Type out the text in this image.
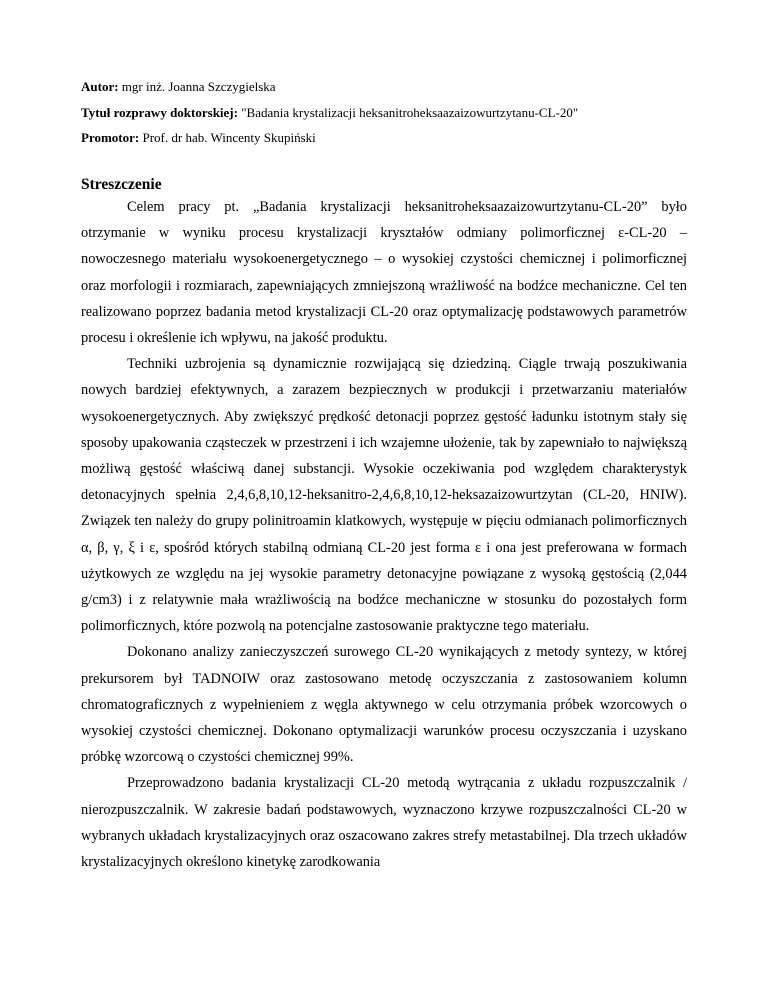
Autor: mgr inż. Joanna Szczygielska
Tytuł rozprawy doktorskiej: "Badania krystalizacji heksanitroheksaazaizowurtzytanu-CL-20"
Promotor: Prof. dr hab. Wincenty Skupiński
Streszczenie

Celem pracy pt. „Badania krystalizacji heksanitroheksaazaizowurtzytanu-CL-20” było otrzymanie w wyniku procesu krystalizacji kryształów odmiany polimorficznej ε-CL-20 – nowoczesnego materiału wysokoenergetycznego – o wysokiej czystości chemicznej i polimorficznej oraz morfologii i rozmiarach, zapewniających zmniejszoną wrażliwość na bodźce mechaniczne. Cel ten realizowano poprzez badania metod krystalizacji CL-20 oraz optymalizację podstawowych parametrów procesu i określenie ich wpływu, na jakość produktu.

Techniki uzbrojenia są dynamicznie rozwijającą się dziedziną. Ciągle trwają poszukiwania nowych bardziej efektywnych, a zarazem bezpiecznych w produkcji i przetwarzaniu materiałów wysokoenergetycznych. Aby zwiększyć prędkość detonacji poprzez gęstość ładunku istotnym stały się sposoby upakowania cząsteczek w przestrzeni i ich wzajemne ułożenie, tak by zapewniało to największą możliwą gęstość właściwą danej substancji. Wysokie oczekiwania pod względem charakterystyk detonacyjnych spełnia 2,4,6,8,10,12-heksanitro-2,4,6,8,10,12-heksazaizowurtzytan (CL-20, HNIW). Związek ten należy do grupy polinitroamin klatkowych, występuje w pięciu odmianach polimorficznych α, β, γ, ξ i ε, spośród których stabilną odmianą CL-20 jest forma ε i ona jest preferowana w formach użytkowych ze względu na jej wysokie parametry detonacyjne powiązane z wysoką gęstością (2,044 g/cm3) i z relatywnie mała wrażliwością na bodźce mechaniczne w stosunku do pozostałych form polimorficznych, które pozwolą na potencjalne zastosowanie praktyczne tego materiału.

Dokonano analizy zanieczyszczeń surowego CL-20 wynikających z metody syntezy, w której prekursorem był TADNOIW oraz zastosowano metodę oczyszczania z zastosowaniem kolumn chromatograficznych z wypełnieniem z węgla aktywnego w celu otrzymania próbek wzorcowych o wysokiej czystości chemicznej. Dokonano optymalizacji warunków procesu oczyszczania i uzyskano próbkę wzorcową o czystości chemicznej 99%.

Przeprowadzono badania krystalizacji CL-20 metodą wytrącania z układu rozpuszczalnik / nierozpuszczalnik. W zakresie badań podstawowych, wyznaczono krzywe rozpuszczalności CL-20 w wybranych układach krystalizacyjnych oraz oszacowano zakres strefy metastabilnej. Dla trzech układów krystalizacyjnych określono kinetykę zarodkowania
